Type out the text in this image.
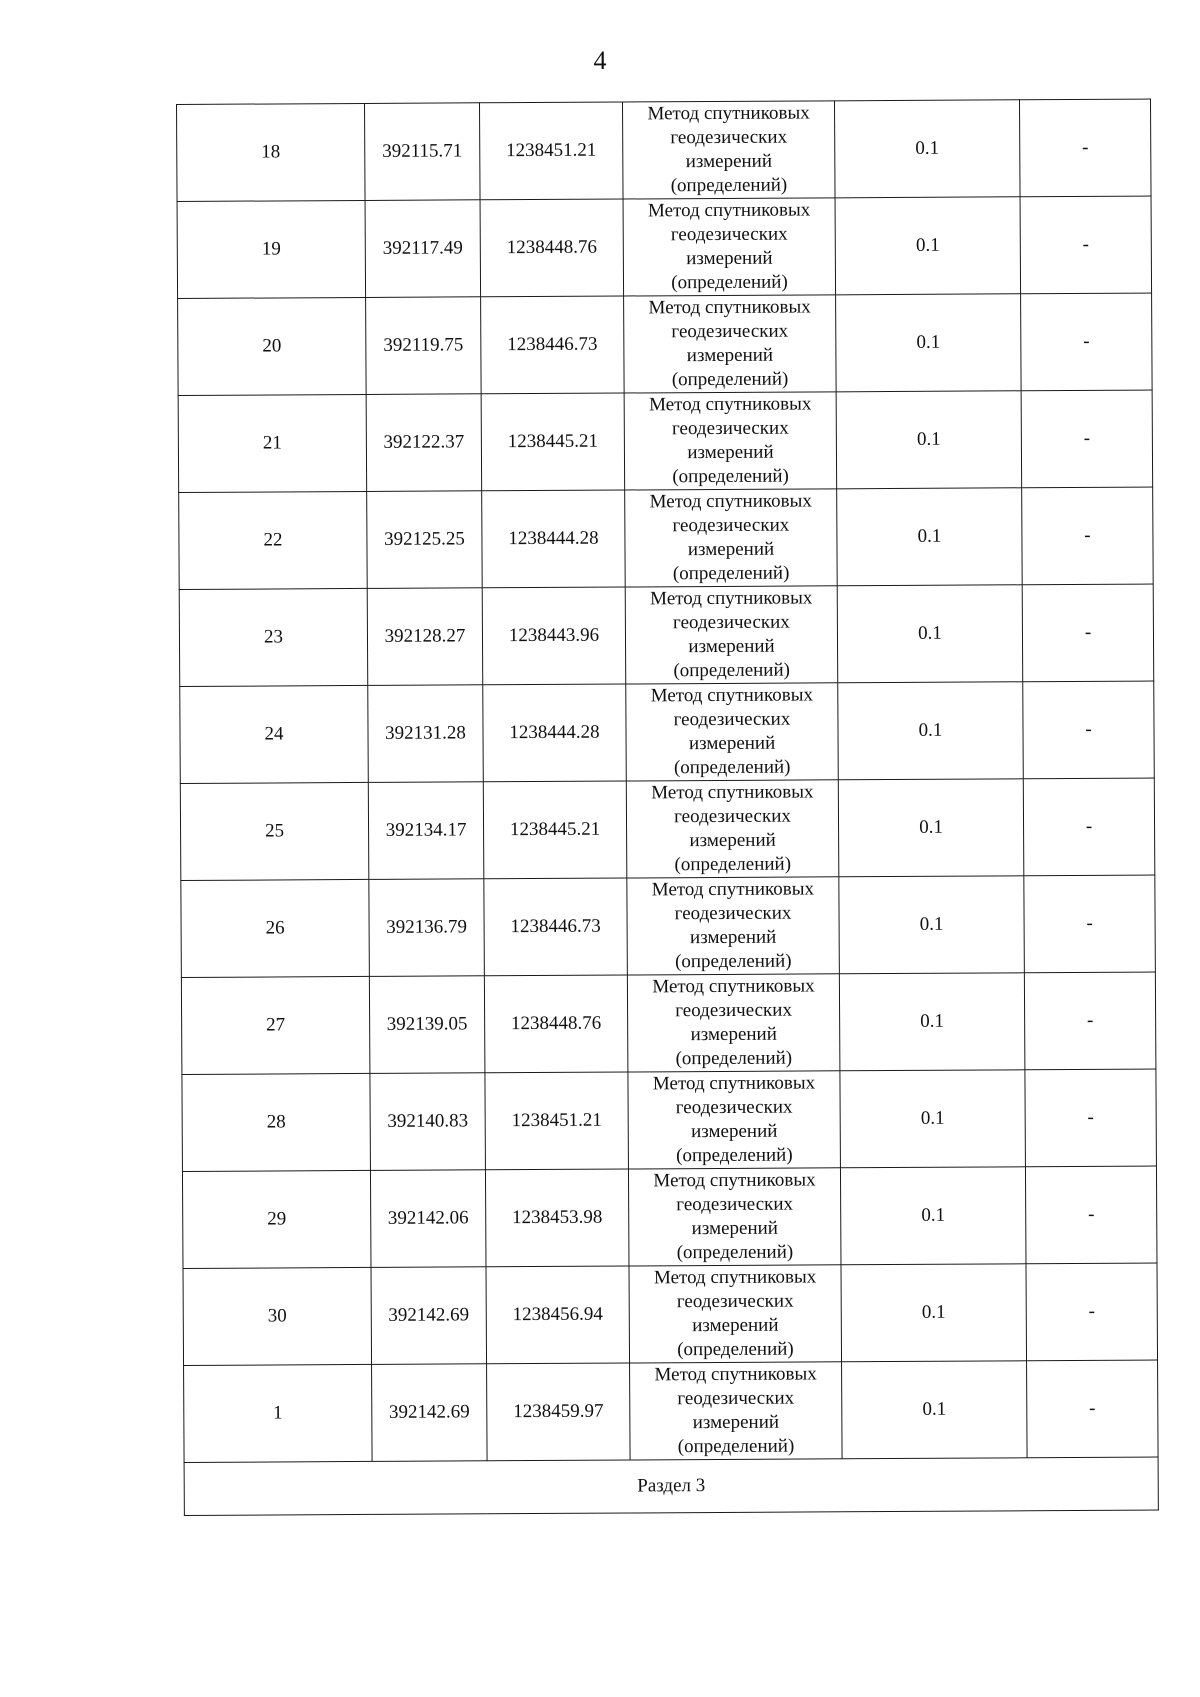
4
18	392115.71	1238451.21	Метод спутниковых
геодезических
измерений
(определений)	0.1	-
19	392117.49	1238448.76	Метод спутниковых
геодезических
измерений
(определений)	0.1	-
20	392119.75	1238446.73	Метод спутниковых
геодезических
измерений
(определений)	0.1	-
21	392122.37	1238445.21	Метод спутниковых
геодезических
измерений
(определений)	0.1	-
22	392125.25	1238444.28	Метод спутниковых
геодезических
измерений
(определений)	0.1	-
23	392128.27	1238443.96	Метод спутниковых
геодезических
измерений
(определений)	0.1	-
24	392131.28	1238444.28	Метод спутниковых
геодезических
измерений
(определений)	0.1	-
25	392134.17	1238445.21	Метод спутниковых
геодезических
измерений
(определений)	0.1	-
26	392136.79	1238446.73	Метод спутниковых
геодезических
измерений
(определений)	0.1	-
27	392139.05	1238448.76	Метод спутниковых
геодезических
измерений
(определений)	0.1	-
28	392140.83	1238451.21	Метод спутниковых
геодезических
измерений
(определений)	0.1	-
29	392142.06	1238453.98	Метод спутниковых
геодезических
измерений
(определений)	0.1	-
30	392142.69	1238456.94	Метод спутниковых
геодезических
измерений
(определений)	0.1	-
1	392142.69	1238459.97	Метод спутниковых
геодезических
измерений
(определений)	0.1	-
Раздел 3					
